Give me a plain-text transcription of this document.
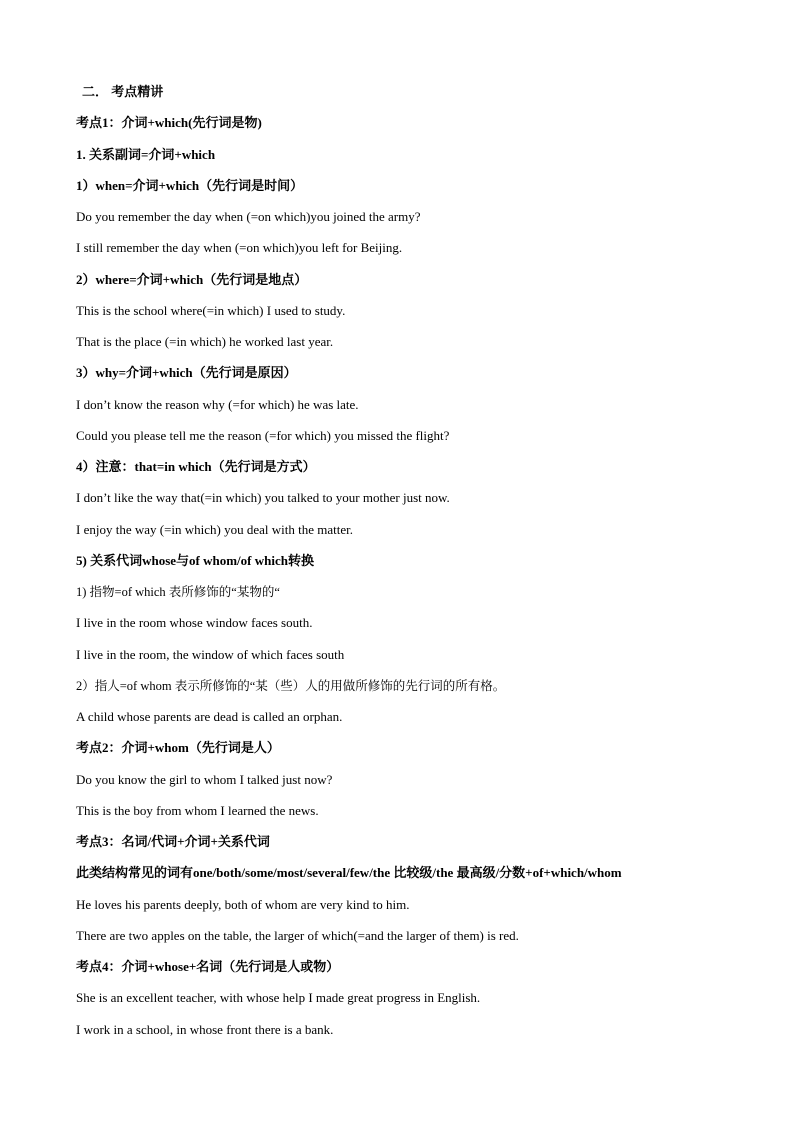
二． 考点精讲
考点1：介词+which(先行词是物)
1. 关系副词=介词+which
1）when=介词+which（先行词是时间）
Do you remember the day when (=on which)you joined the army?
I still remember the day when (=on which)you left for Beijing.
2）where=介词+which（先行词是地点）
This is the school where(=in which) I used to study.
That is the place (=in which) he worked last year.
3）why=介词+which（先行词是原因）
I don’t know the reason why (=for which) he was late.
Could you please tell me the reason (=for which) you missed the flight?
4）注意：that=in which（先行词是方式）
I don’t like the way that(=in which) you talked to your mother just now.
I enjoy the way (=in which) you deal with the matter.
5) 关系代词whose与of whom/of which转换
1) 指物=of which 表所修饰的“某物的“
I live in the room whose window faces south.
I live in the room, the window of which faces south
2）指人=of whom 表示所修饰的“某（些）人的用做所修饰的先行词的所有格。
A child whose parents are dead is called an orphan.
考点2：介词+whom（先行词是人）
Do you know the girl to whom I talked just now?
This is the boy from whom I learned the news.
考点3：名词/代词+介词+关系代词
此类结构常见的词有one/both/some/most/several/few/the 比较级/the 最高级/分数+of+which/whom
He loves his parents deeply, both of whom are very kind to him.
There are two apples on the table, the larger of which(=and the larger of them) is red.
考点4：介词+whose+名词（先行词是人或物）
She is an excellent teacher, with whose help I made great progress in English.
I work in a school, in whose front there is a bank.
